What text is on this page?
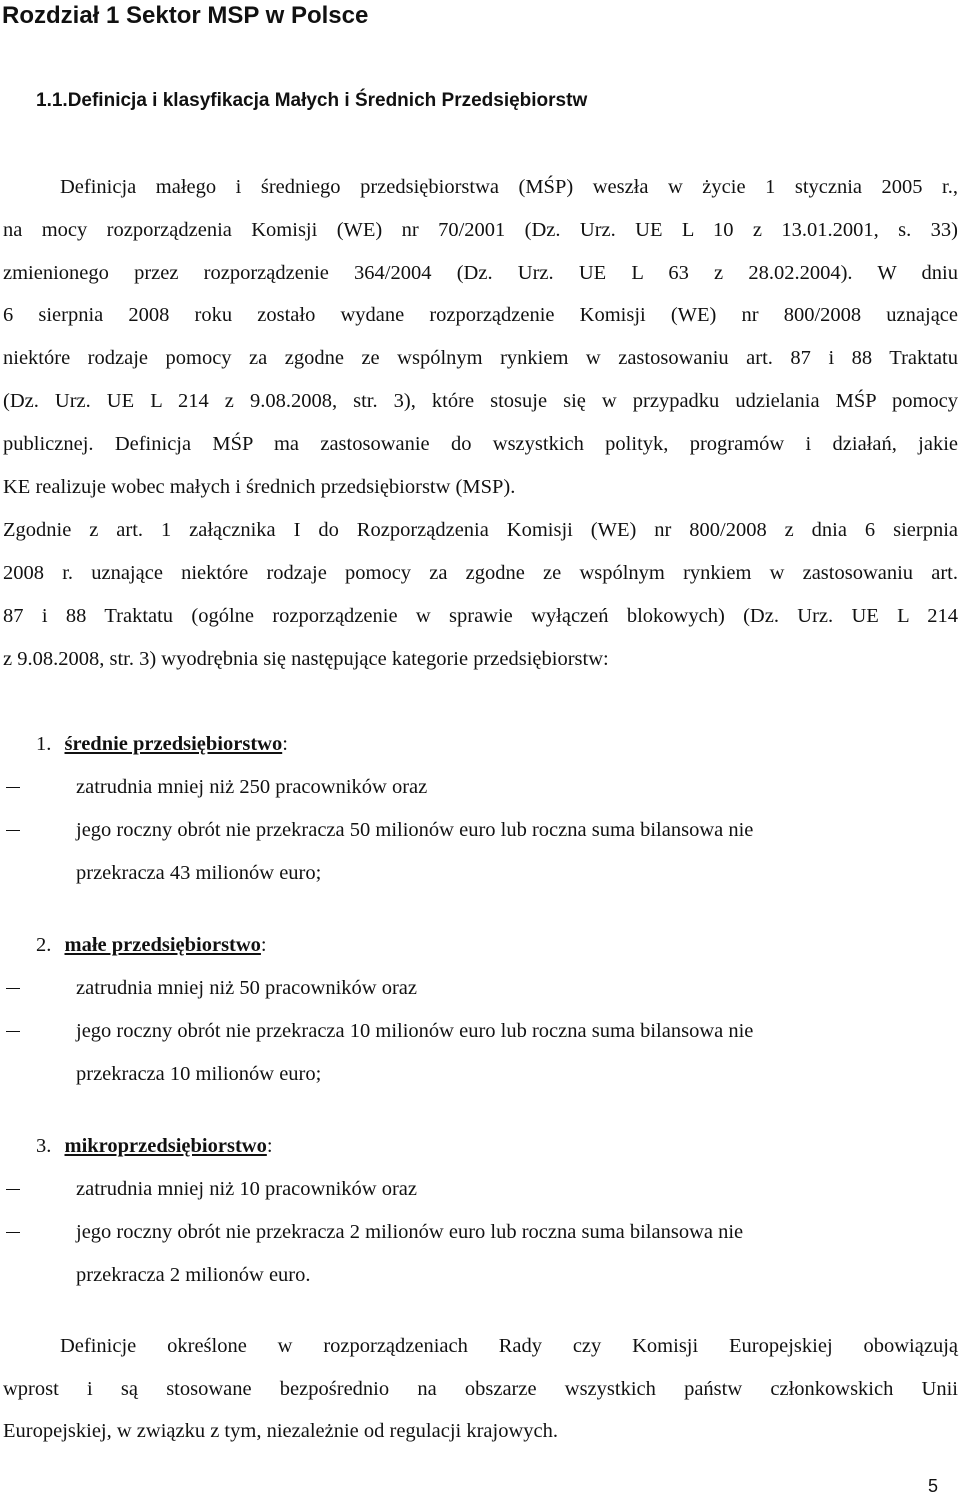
Rozdział 1 Sektor MSP w Polsce
1.1.Definicja i klasyfikacja Małych i Średnich Przedsiębiorstw
Definicja małego i średniego przedsiębiorstwa (MŚP) weszła w życie 1 stycznia 2005 r.,
na mocy rozporządzenia Komisji (WE) nr 70/2001 (Dz. Urz. UE L 10 z 13.01.2001, s. 33)
zmienionego przez rozporządzenie 364/2004 (Dz. Urz. UE L 63 z 28.02.2004). W dniu
6 sierpnia 2008 roku zostało wydane rozporządzenie Komisji (WE) nr 800/2008 uznające
niektóre rodzaje pomocy za zgodne ze wspólnym rynkiem w zastosowaniu art. 87 i 88 Traktatu
(Dz. Urz. UE L 214 z 9.08.2008, str. 3), które stosuje się w przypadku udzielania MŚP pomocy
publicznej. Definicja MŚP ma zastosowanie do wszystkich polityk, programów i działań, jakie
KE realizuje wobec małych i średnich przedsiębiorstw (MSP).
Zgodnie z art. 1 załącznika I do Rozporządzenia Komisji (WE) nr 800/2008 z dnia 6 sierpnia
2008 r. uznające niektóre rodzaje pomocy za zgodne ze wspólnym rynkiem w zastosowaniu art.
87 i 88 Traktatu (ogólne rozporządzenie w sprawie wyłączeń blokowych) (Dz. Urz. UE L 214
z 9.08.2008, str. 3) wyodrębnia się następujące kategorie przedsiębiorstw:
1. średnie przedsiębiorstwo:
zatrudnia mniej niż 250 pracowników oraz
jego roczny obrót nie przekracza 50 milionów euro lub roczna suma bilansowa nie
przekracza 43 milionów euro;
2. małe przedsiębiorstwo:
zatrudnia mniej niż 50 pracowników oraz
jego roczny obrót nie przekracza 10 milionów euro lub roczna suma bilansowa nie
przekracza 10 milionów euro;
3. mikroprzedsiębiorstwo:
zatrudnia mniej niż 10 pracowników oraz
jego roczny obrót nie przekracza 2 milionów euro lub roczna suma bilansowa nie
przekracza 2 milionów euro.
Definicje określone w rozporządzeniach Rady czy Komisji Europejskiej obowiązują
wprost i są stosowane bezpośrednio na obszarze wszystkich państw członkowskich Unii
Europejskiej, w związku z tym, niezależnie od regulacji krajowych.
5
